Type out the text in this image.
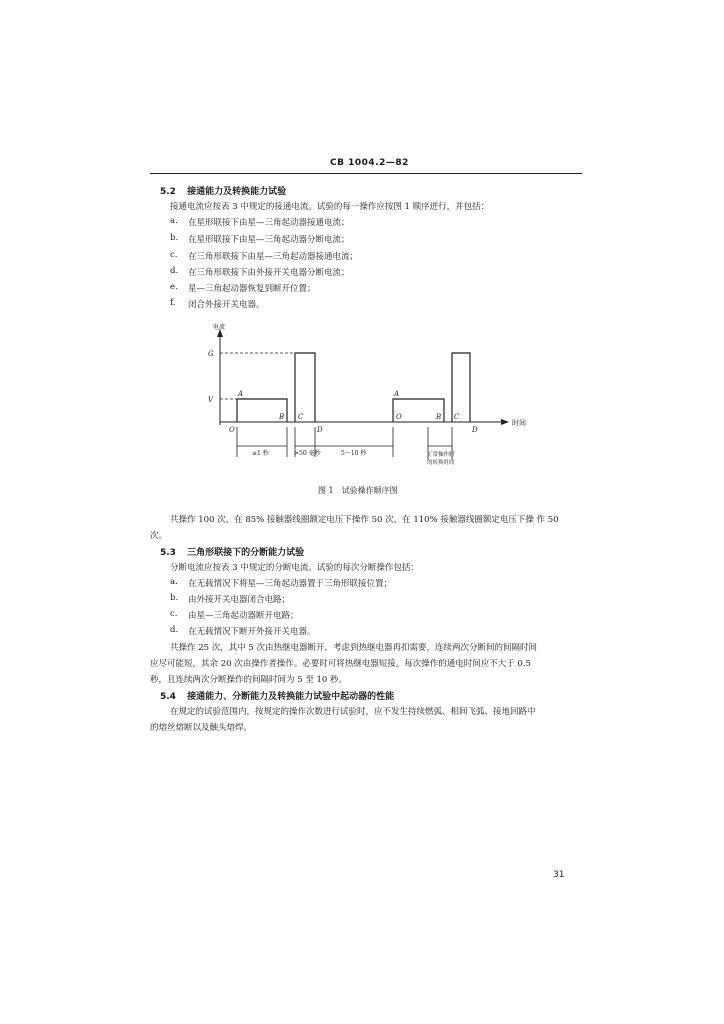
CB 1004.2—82
5.2 接通能力及转换能力试验
接通电流应按表 3 中规定的接通电流。试验的每一操作应按图 1 顺序进行，并包括：
a. 在星形联接下由星—三角起动器接通电流；
b. 在星形联接下由星—三角起动器分断电流；
c. 在三角形联接下由星—三角起动器接通电流；
d. 在三角形联接下由外接开关电器分断电流；
e. 星—三角起动器恢复到断开位置；
f. 闭合外接开关电器。
电流
时间
G
V
A
O
B C
D
A
O	B C
D
≥1 秒	>50 毫秒	5～10 秒	正常操作时
的转换时间
图 1　试验操作顺序图
共操作 100 次，在 85% 接触器线圈额定电压下操作 50 次，在 110% 接触器线圈额定电压下操 作 50
次。
5.3 三角形联接下的分断能力试验
分断电流应按表 3 中规定的分断电流。试验的每次分断操作包括：
a. 在无载情况下将星—三角起动器置于三角形联接位置；
b. 由外接开关电器闭合电路；
c. 由星—三角起动器断开电路；
d. 在无载情况下断开外接开关电器。
共操作 25 次，其中 5 次由热继电器断开，考虑到热继电器再扣需要，连续两次分断间的间隔时间
应尽可能短，其余 20 次由操作者操作。必要时可将热继电器短接。每次操作的通电时间应不大于 0.5
秒，且连续两次分断操作的间隔时间为 5 至 10 秒。
5.4 接通能力、分断能力及转换能力试验中起动器的性能
在规定的试验范围内，按规定的操作次数进行试验时，应不发生持续燃弧、相间飞弧、接地回路中
的熔丝熔断以及触头熔焊。
31
